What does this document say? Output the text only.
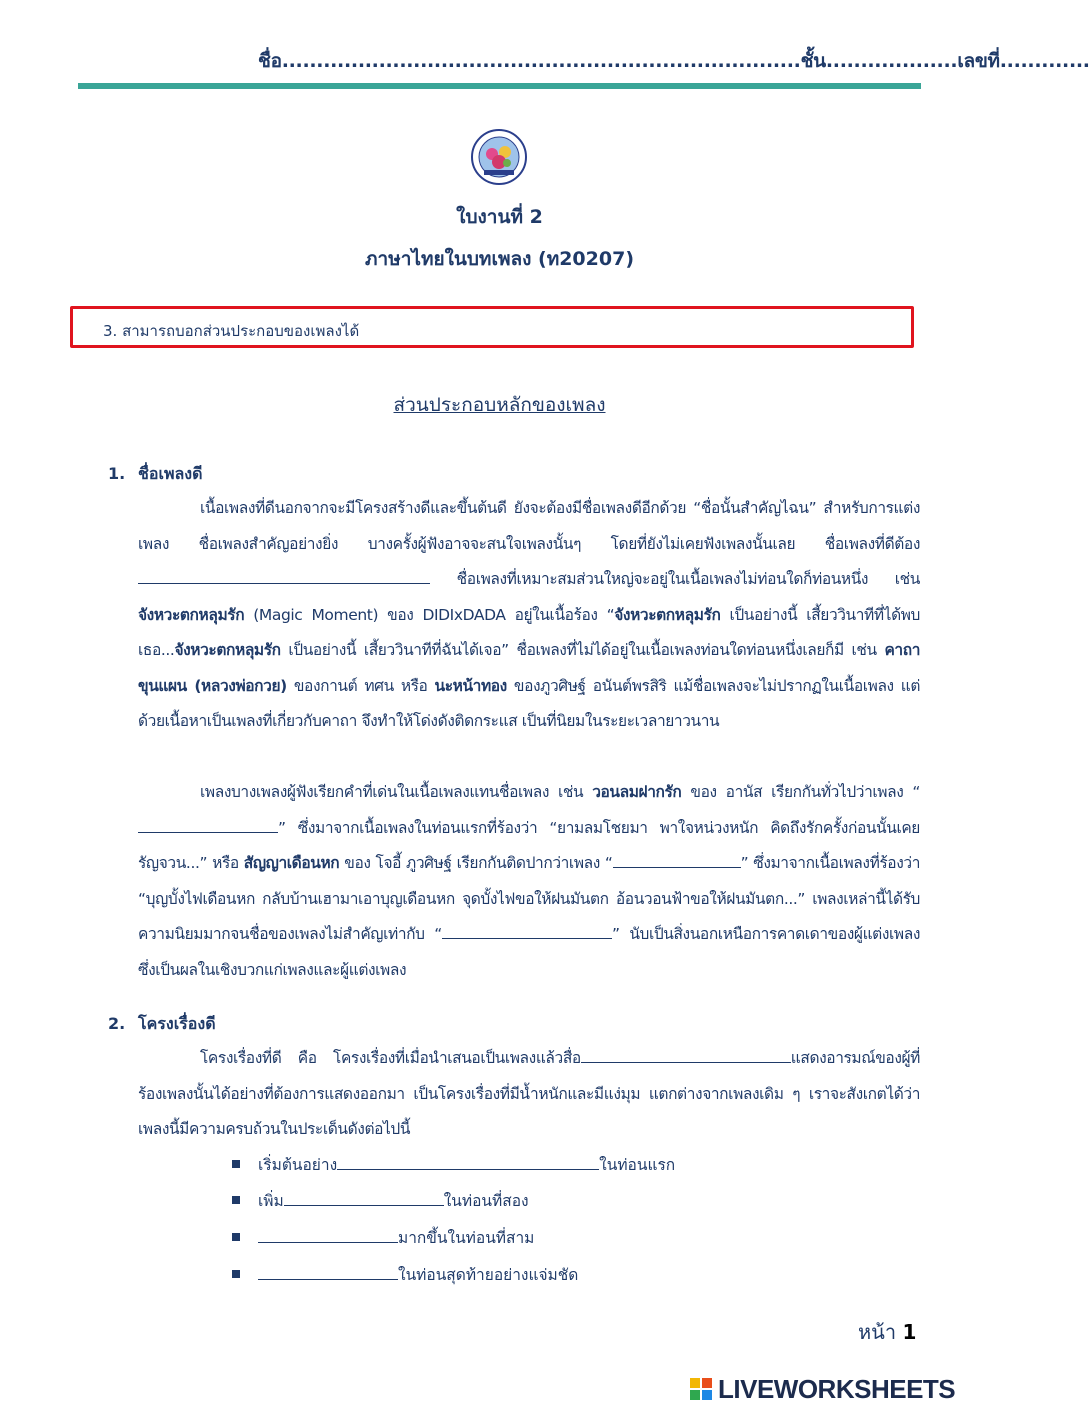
ชื่อ...........................................................................ชั้น...................เลขที่.............
ใบงานที่ 2
ภาษาไทยในบทเพลง (ท20207)
3. สามารถบอกส่วนประกอบของเพลงได้
ส่วนประกอบหลักของเพลง
1. ชื่อเพลงดี
เนื้อเพลงที่ดีนอกจากจะมีโครงสร้างดีและขึ้นต้นดี ยังจะต้องมีชื่อเพลงดีอีกด้วย “ชื่อนั้นสำคัญไฉน” สำหรับการแต่งเพลง ชื่อเพลงสำคัญอย่างยิ่ง บางครั้งผู้ฟังอาจจะสนใจเพลงนั้นๆ โดยที่ยังไม่เคยฟังเพลงนั้นเลย ชื่อเพลงที่ดีต้อง ชื่อเพลงที่เหมาะสมส่วนใหญ่จะอยู่ในเนื้อเพลงไม่ท่อนใดก็ท่อนหนึ่ง เช่น จังหวะตกหลุมรัก (Magic Moment) ของ DIDIxDADA อยู่ในเนื้อร้อง “จังหวะตกหลุมรัก เป็นอย่างนี้ เสี้ยววินาทีที่ได้พบเธอ...จังหวะตกหลุมรัก เป็นอย่างนี้ เสี้ยววินาทีที่ฉันได้เจอ” ชื่อเพลงที่ไม่ได้อยู่ในเนื้อเพลงท่อนใดท่อนหนึ่งเลยก็มี เช่น คาถาขุนแผน (หลวงพ่อกวย) ของกานต์ ทศน หรือ นะหน้าทอง ของภูวศิษฐ์ อนันต์พรสิริ แม้ชื่อเพลงจะไม่ปรากฏในเนื้อเพลง แต่ด้วยเนื้อหาเป็นเพลงที่เกี่ยวกับคาถา จึงทำให้โด่งดังติดกระแส เป็นที่นิยมในระยะเวลายาวนาน
เพลงบางเพลงผู้ฟังเรียกคำที่เด่นในเนื้อเพลงแทนชื่อเพลง เช่น วอนลมฝากรัก ของ อานัส เรียกกันทั่วไปว่าเพลง “” ซึ่งมาจากเนื้อเพลงในท่อนแรกที่ร้องว่า “ยามลมโชยมา พาใจหน่วงหนัก คิดถึงรักครั้งก่อนนั้นเคยรัญจวน...” หรือ สัญญาเดือนหก ของ โจอี้ ภูวศิษฐ์ เรียกกันติดปากว่าเพลง “	” ซึ่งมาจากเนื้อเพลงที่ร้องว่า “บุญบั้งไฟเดือนหก กลับบ้านเฮามาเอาบุญเดือนหก จุดบั้งไฟขอให้ฝนมันตก อ้อนวอนฟ้าขอให้ฝนมันตก...” เพลงเหล่านี้ได้รับความนิยมมากจนชื่อของเพลงไม่สำคัญเท่ากับ “	” นับเป็นสิ่งนอกเหนือการคาดเดาของผู้แต่งเพลงซึ่งเป็นผลในเชิงบวกแก่เพลงและผู้แต่งเพลง
2. โครงเรื่องดี
โครงเรื่องที่ดี คือ โครงเรื่องที่เมื่อนำเสนอเป็นเพลงแล้วสื่อ	แสดงอารมณ์ของผู้ที่ร้องเพลงนั้นได้อย่างที่ต้องการแสดงออกมา เป็นโครงเรื่องที่มีน้ำหนักและมีแง่มุม แตกต่างจากเพลงเดิม ๆ เราจะสังเกตได้ว่าเพลงนี้มีความครบถ้วนในประเด็นดังต่อไปนี้
เริ่มต้นอย่าง	ในท่อนแรก
เพิ่ม	ในท่อนที่สอง
มากขึ้นในท่อนที่สาม
ในท่อนสุดท้ายอย่างแจ่มชัด
หน้า 1
LIVEWORKSHEETS
